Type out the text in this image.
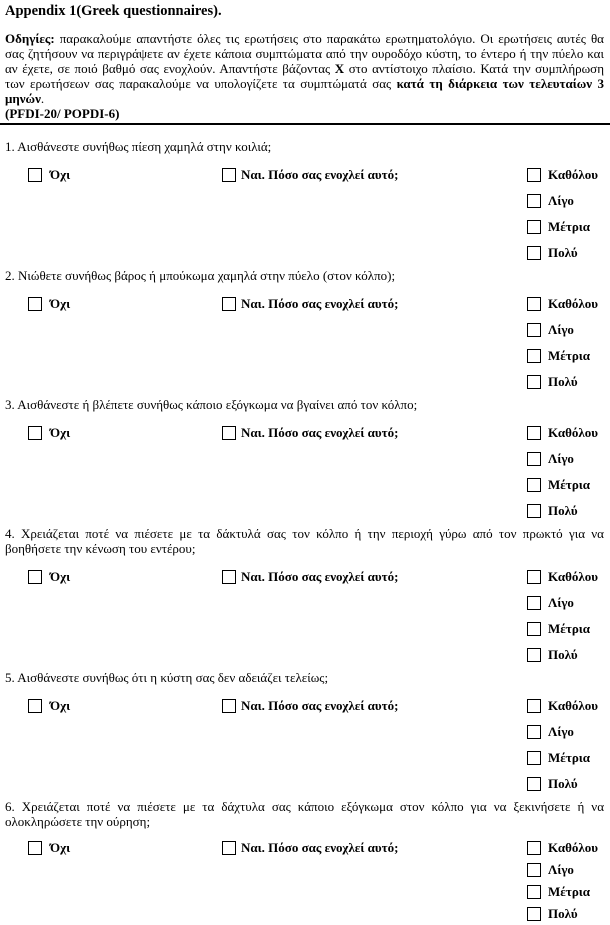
Appendix 1(Greek questionnaires).

Οδηγίες: παρακαλούμε απαντήστε όλες τις ερωτήσεις στο παρακάτω ερωτηματολόγιο. Οι ερωτήσεις αυτές θα σας ζητήσουν να περιγράψετε αν έχετε κάποια συμπτώματα από την ουροδόχο κύστη, το έντερο ή την πύελο και αν έχετε, σε ποιό βαθμό σας ενοχλούν. Απαντήστε βάζοντας X στο αντίστοιχο πλαίσιο. Κατά την συμπλήρωση των ερωτήσεων σας παρακαλούμε να υπολογίζετε τα συμπτώματά σας κατά τη διάρκεια των τελευταίων 3 μηνών.

(PFDI-20/ POPDI-6)

1. Αισθάνεστε συνήθως πίεση χαμηλά στην κοιλιά;

Όχι	Ναι. Πόσο σας ενοχλεί αυτό;	Καθόλου
Λίγο
Μέτρια
Πολύ

2. Νιώθετε συνήθως βάρος ή μπούκωμα χαμηλά στην πύελο (στον κόλπο);

Όχι	Ναι. Πόσο σας ενοχλεί αυτό;	Καθόλου
Λίγο
Μέτρια
Πολύ

3. Αισθάνεστε ή βλέπετε συνήθως κάποιο εξόγκωμα να βγαίνει από τον κόλπο;

Όχι	Ναι. Πόσο σας ενοχλεί αυτό;	Καθόλου
Λίγο
Μέτρια
Πολύ

4. Χρειάζεται ποτέ να πιέσετε με τα δάκτυλά σας τον κόλπο ή την περιοχή γύρω από τον πρωκτό για να βοηθήσετε την κένωση του εντέρου;

Όχι	Ναι. Πόσο σας ενοχλεί αυτό;	Καθόλου
Λίγο
Μέτρια
Πολύ

5. Αισθάνεστε συνήθως ότι η κύστη σας δεν αδειάζει τελείως;

Όχι	Ναι. Πόσο σας ενοχλεί αυτό;	Καθόλου
Λίγο
Μέτρια
Πολύ

6. Χρειάζεται ποτέ να πιέσετε με τα δάχτυλα σας κάποιο εξόγκωμα στον κόλπο για να ξεκινήσετε ή να ολοκληρώσετε την ούρηση;

Όχι	Ναι. Πόσο σας ενοχλεί αυτό;	Καθόλου
Λίγο
Μέτρια
Πολύ
